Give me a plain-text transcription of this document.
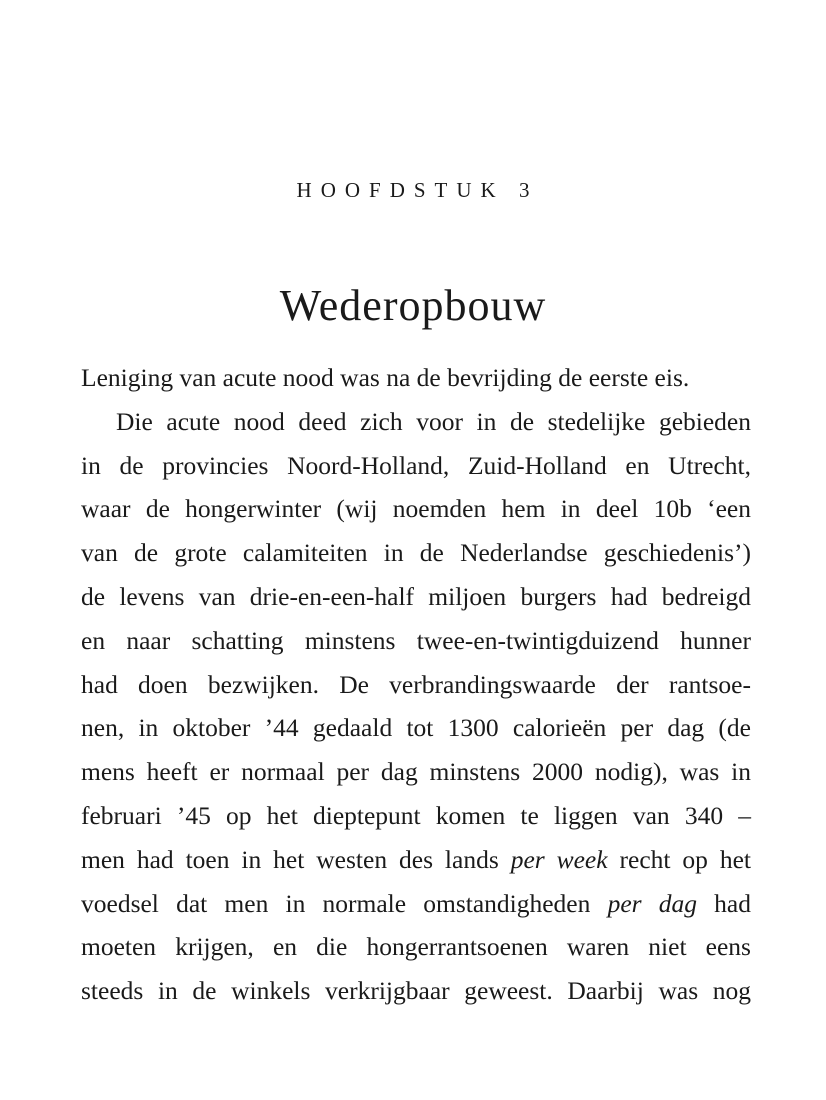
HOOFDSTUK 3
Wederopbouw
Leniging van acute nood was na de bevrijding de eerste eis.
Die acute nood deed zich voor in de stedelijke gebieden
in de provincies Noord-Holland, Zuid-Holland en Utrecht,
waar de hongerwinter (wij noemden hem in deel 10b ‘een
van de grote calamiteiten in de Nederlandse geschiedenis’)
de levens van drie-en-een-half miljoen burgers had bedreigd
en naar schatting minstens twee-en-twintigduizend hunner
had doen bezwijken. De verbrandingswaarde der rantsoe-
nen, in oktober ’44 gedaald tot 1300 calorieën per dag (de
mens heeft er normaal per dag minstens 2000 nodig), was in
februari ’45 op het dieptepunt komen te liggen van 340 –
men had toen in het westen des lands per week recht op het
voedsel dat men in normale omstandigheden per dag had
moeten krijgen, en die hongerrantsoenen waren niet eens
steeds in de winkels verkrijgbaar geweest. Daarbij was nog
